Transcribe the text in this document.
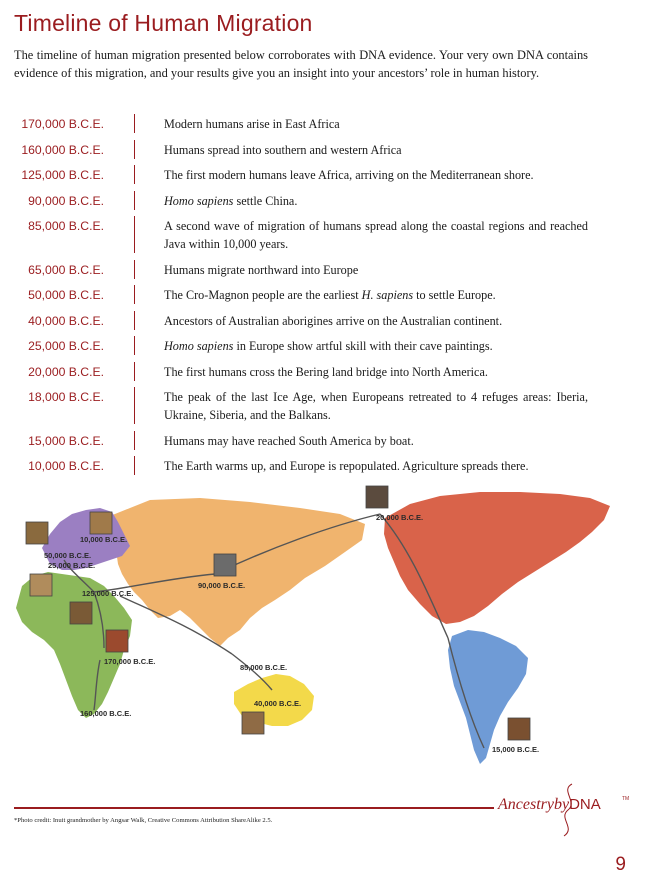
Timeline of Human Migration

The timeline of human migration presented below corroborates with DNA evidence. Your very own DNA contains evidence of this migration, and your results give you an insight into your ancestors’ role in human history.

170,000 B.C.E.	Modern humans arise in East Africa
160,000 B.C.E.	Humans spread into southern and western Africa
125,000 B.C.E.	The first modern humans leave Africa, arriving on the Mediterranean shore.
90,000 B.C.E.	Homo sapiens settle China.
85,000 B.C.E.	A second wave of migration of humans spread along the coastal regions and reached Java within 10,000 years.
65,000 B.C.E.	Humans migrate northward into Europe
50,000 B.C.E.	The Cro-Magnon people are the earliest H. sapiens to settle Europe.
40,000 B.C.E.	Ancestors of Australian aborigines arrive on the Australian continent.
25,000 B.C.E.	Homo sapiens in Europe show artful skill with their cave paintings.
20,000 B.C.E.	The first humans cross the Bering land bridge into North America.
18,000 B.C.E.	The peak of the last Ice Age, when Europeans retreated to 4 refuges areas: Iberia, Ukraine, Siberia, and the Balkans.
15,000 B.C.E.	Humans may have reached South America by boat.
10,000 B.C.E.	The Earth warms up, and Europe is repopulated. Agriculture spreads there.
10,000 B.C.E.
50,000 B.C.E.
25,000 B.C.E.
125,000 B.C.E.
90,000 B.C.E.
170,000 B.C.E.
160,000 B.C.E.
85,000 B.C.E.
40,000 B.C.E.
20,000 B.C.E.
15,000 B.C.E.

*Photo credit: Inuit grandmother by Angsar Walk, Creative Commons Attribution ShareAlike 2.5.

AncestrybyDNA	TM

9
